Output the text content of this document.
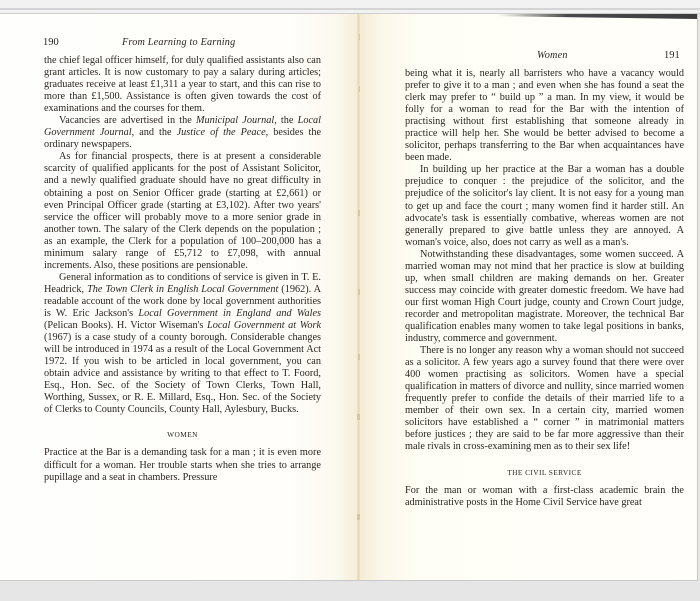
190	From Learning to Earning

the chief legal officer himself, for duly qualified assistants also can grant articles. It is now customary to pay a salary during articles; graduates receive at least £1,311 a year to start, and this can rise to more than £1,500. Assistance is often given towards the cost of examinations and the courses for them.

Vacancies are advertised in the Municipal Journal, the Local Government Journal, and the Justice of the Peace, besides the ordinary newspapers.

As for financial prospects, there is at present a considerable scarcity of qualified applicants for the post of Assistant Solicitor, and a newly qualified graduate should have no great difficulty in obtaining a post on Senior Officer grade (starting at £2,661) or even Principal Officer grade (starting at £3,102). After two years' service the officer will probably move to a more senior grade in another town. The salary of the Clerk depends on the population ; as an example, the Clerk for a population of 100–200,000 has a minimum salary range of £5,712 to £7,098, with annual increments. Also, these positions are pensionable.

General information as to conditions of service is given in T. E. Headrick, The Town Clerk in English Local Government (1962). A readable account of the work done by local government authorities is W. Eric Jackson's Local Government in England and Wales (Pelican Books). H. Victor Wiseman's Local Government at Work (1967) is a case study of a county borough. Considerable changes will be introduced in 1974 as a result of the Local Government Act 1972. If you wish to be articled in local government, you can obtain advice and assistance by writing to that effect to T. Foord, Esq., Hon. Sec. of the Society of Town Clerks, Town Hall, Worthing, Sussex, or R. E. Millard, Esq., Hon. Sec. of the Society of Clerks to County Councils, County Hall, Aylesbury, Bucks.

WOMEN

Practice at the Bar is a demanding task for a man ; it is even more difficult for a woman. Her trouble starts when she tries to arrange pupillage and a seat in chambers. Pressure

Women	191

being what it is, nearly all barristers who have a vacancy would prefer to give it to a man ; and even when she has found a seat the clerk may prefer to “ build up ” a man. In my view, it would be folly for a woman to read for the Bar with the intention of practising without first establishing that someone already in practice will help her. She would be better advised to become a solicitor, perhaps transferring to the Bar when acquaintances have been made.

In building up her practice at the Bar a woman has a double prejudice to conquer : the prejudice of the solicitor, and the prejudice of the solicitor's lay client. It is not easy for a young man to get up and face the court ; many women find it harder still. An advocate's task is essentially combative, whereas women are not generally prepared to give battle unless they are annoyed. A woman's voice, also, does not carry as well as a man's.

Notwithstanding these disadvantages, some women succeed. A married woman may not mind that her practice is slow at building up, when small children are making demands on her. Greater success may coincide with greater domestic freedom. We have had our first woman High Court judge, county and Crown Court judge, recorder and metropolitan magistrate. Moreover, the technical Bar qualification enables many women to take legal positions in banks, industry, commerce and government.

There is no longer any reason why a woman should not succeed as a solicitor. A few years ago a survey found that there were over 400 women practising as solicitors. Women have a special qualification in matters of divorce and nullity, since married women frequently prefer to confide the details of their married life to a member of their own sex. In a certain city, married women solicitors have established a “ corner ” in matrimonial matters before justices ; they are said to be far more aggressive than their male rivals in cross-examining men as to their sex life!

THE CIVIL SERVICE

For the man or woman with a first-class academic brain the administrative posts in the Home Civil Service have great
